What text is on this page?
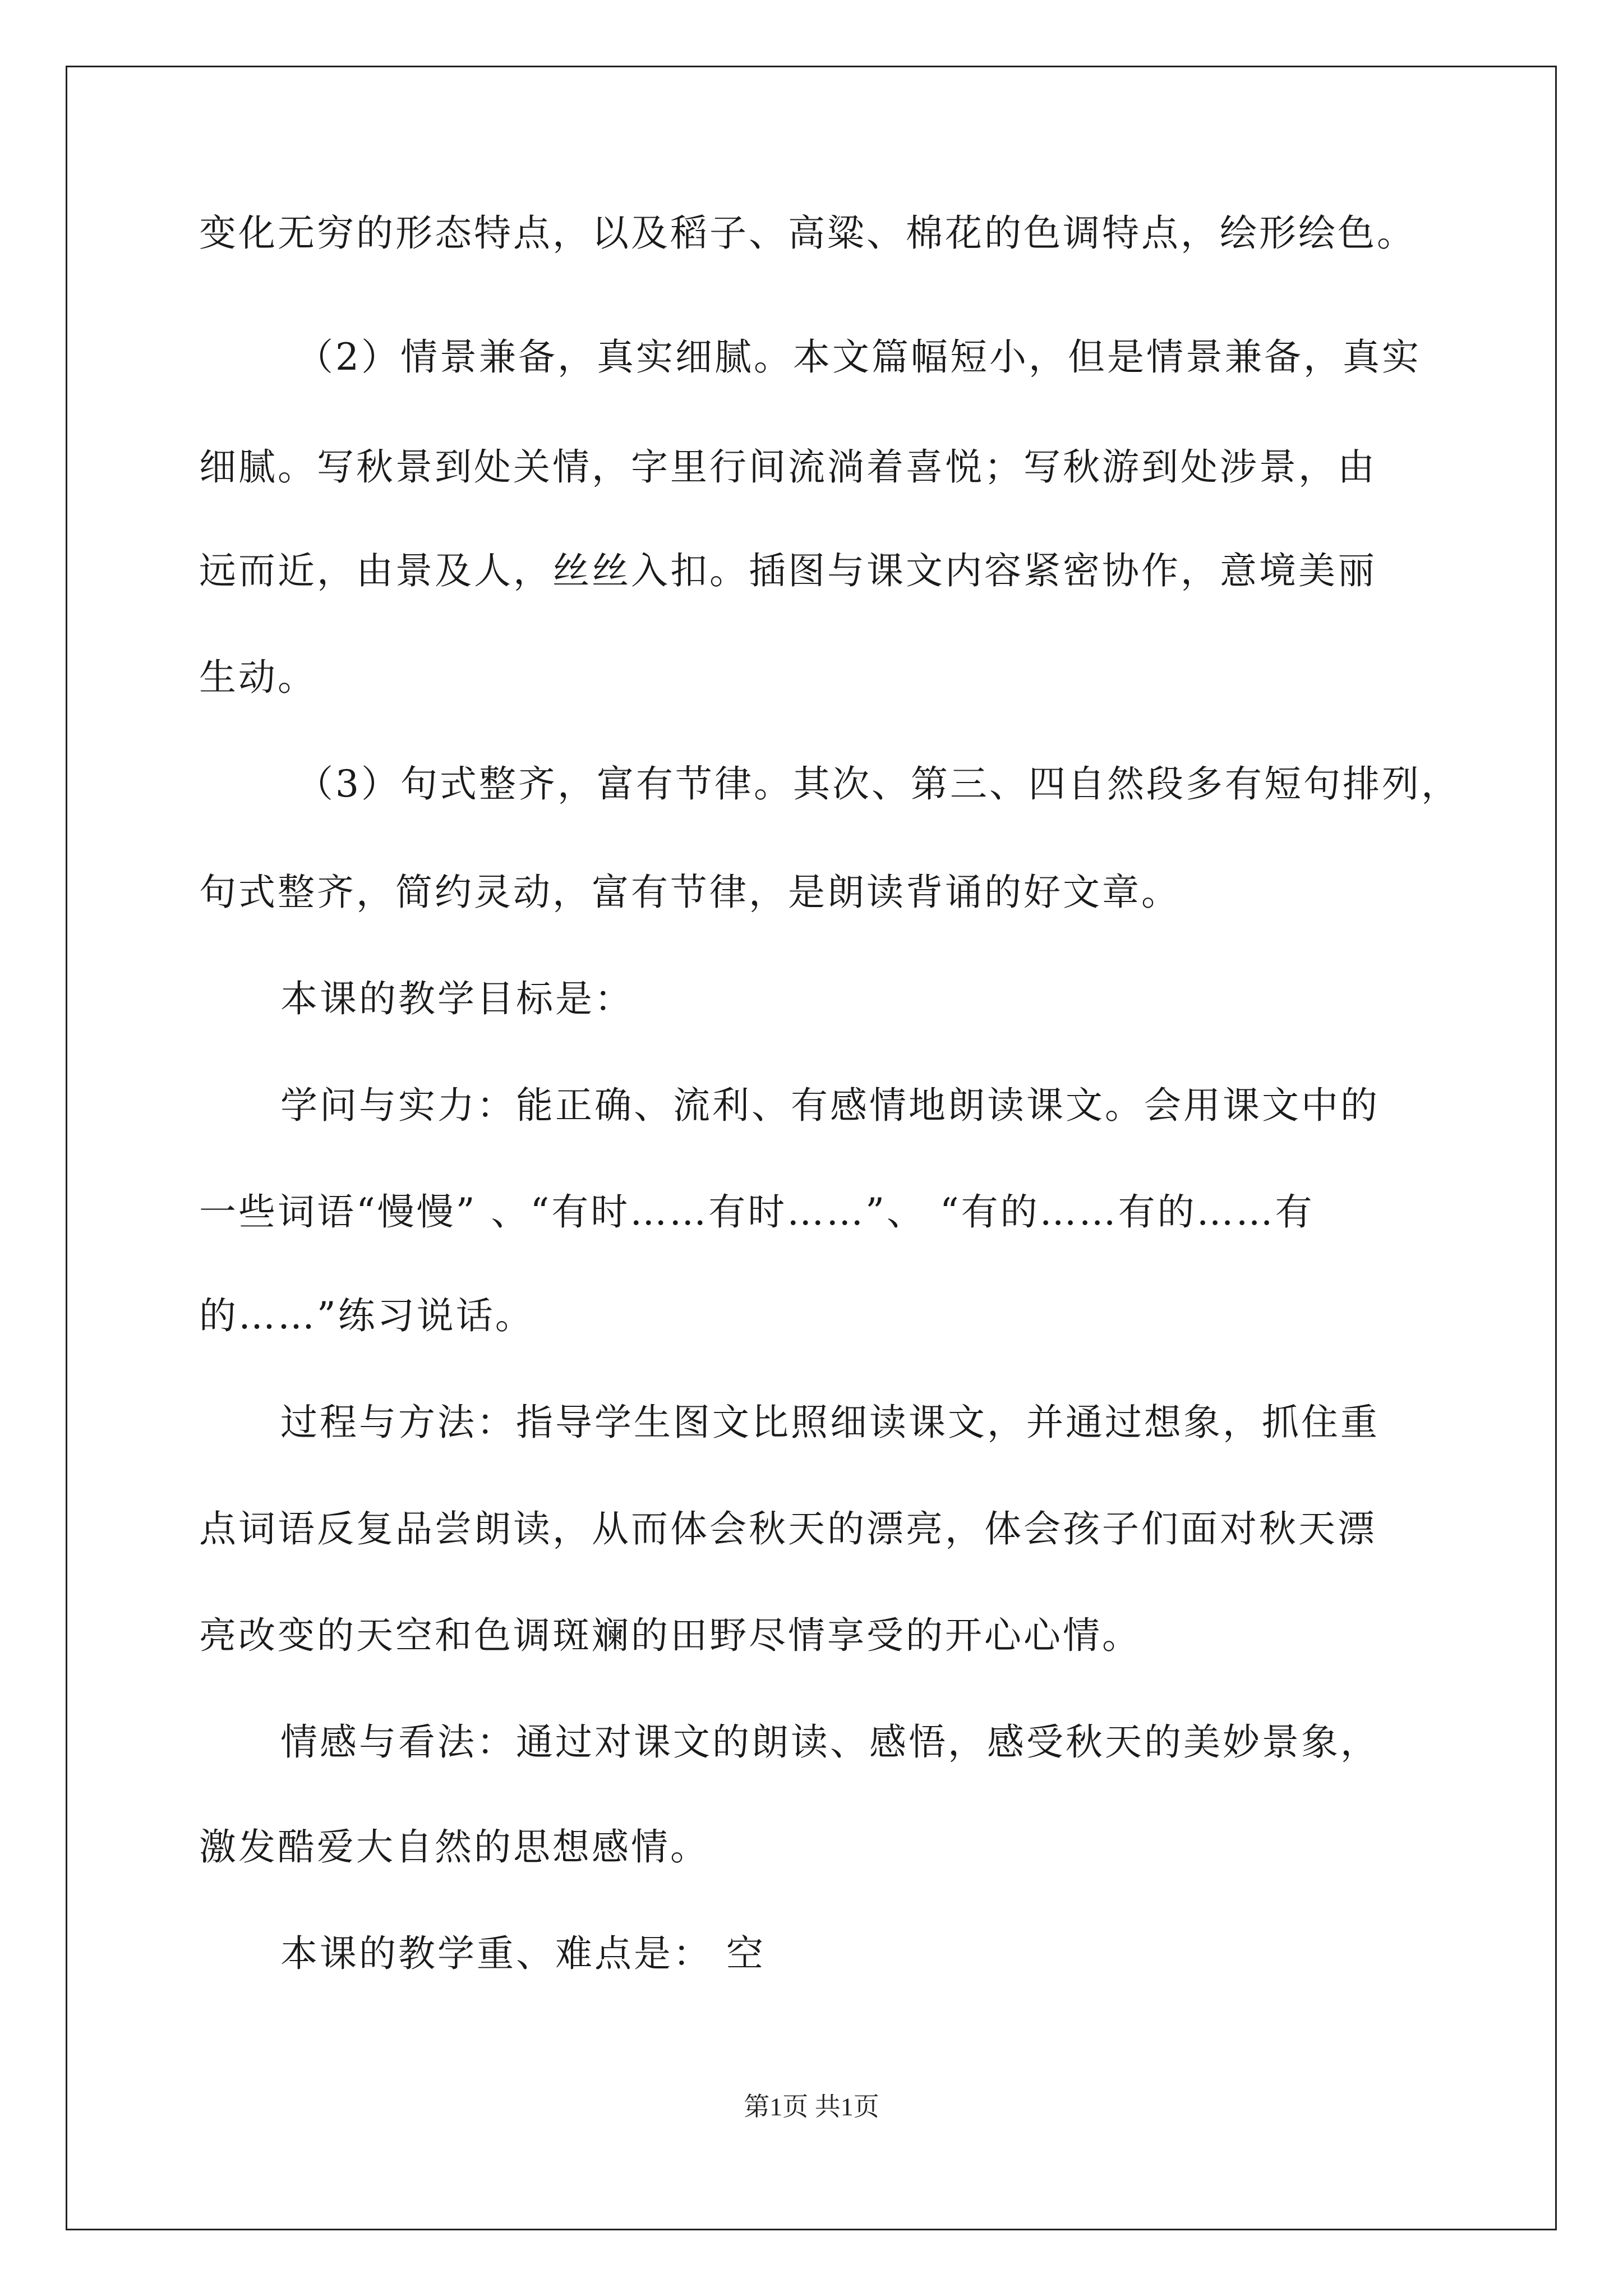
变化无穷的形态特点，以及稻子、高粱、棉花的色调特点，绘形绘色。
（2）情景兼备，真实细腻。本文篇幅短小，但是情景兼备，真实
细腻。写秋景到处关情，字里行间流淌着喜悦；写秋游到处涉景，由
远而近，由景及人，丝丝入扣。插图与课文内容紧密协作，意境美丽
生动。
（3）句式整齐，富有节律。其次、第三、四自然段多有短句排列，
句式整齐，简约灵动，富有节律，是朗读背诵的好文章。
本课的教学目标是：
学问与实力：能正确、流利、有感情地朗读课文。会用课文中的
一些词语“慢慢” 、“有时……有时……”、 “有的……有的……有
的……”练习说话。
过程与方法：指导学生图文比照细读课文，并通过想象，抓住重
点词语反复品尝朗读，从而体会秋天的漂亮，体会孩子们面对秋天漂
亮改变的天空和色调斑斓的田野尽情享受的开心心情。
情感与看法：通过对课文的朗读、感悟，感受秋天的美妙景象，
激发酷爱大自然的思想感情。
本课的教学重、难点是： 空
第1页 共1页
